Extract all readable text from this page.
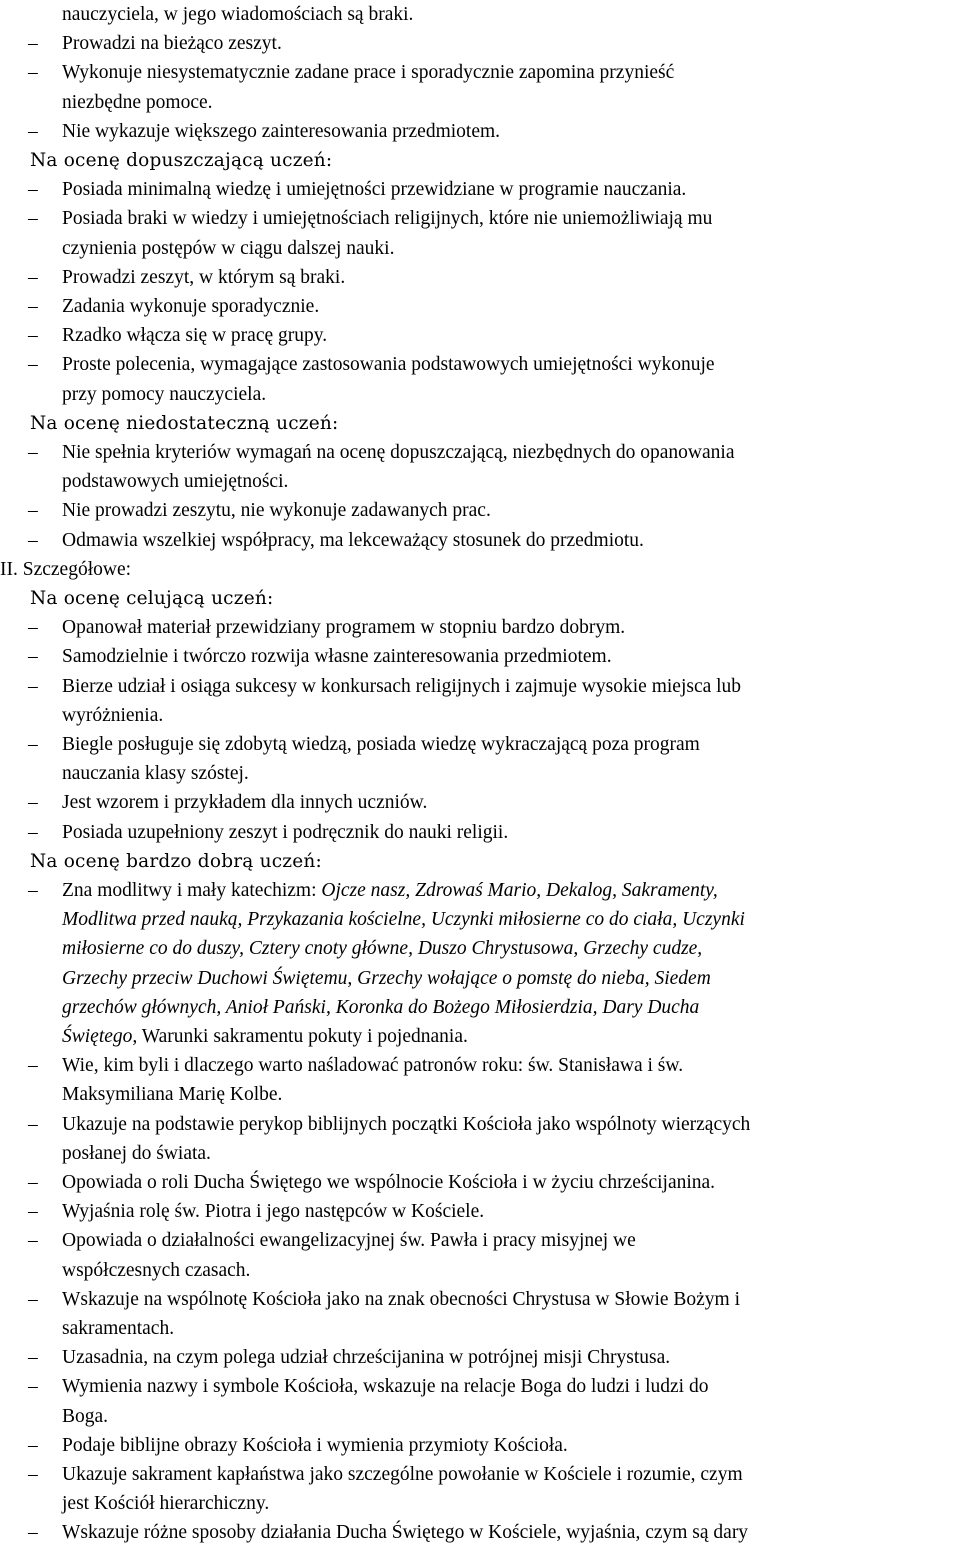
nauczyciela, w jego wiadomościach są braki.
– Prowadzi na bieżąco zeszyt.
– Wykonuje niesystematycznie zadane prace i sporadycznie zapomina przynieść
niezbędne pomoce.
– Nie wykazuje większego zainteresowania przedmiotem.
Na ocenę dopuszczającą uczeń:
– Posiada minimalną wiedzę i umiejętności przewidziane w programie nauczania.
– Posiada braki w wiedzy i umiejętnościach religijnych, które nie uniemożliwiają mu
czynienia postępów w ciągu dalszej nauki.
– Prowadzi zeszyt, w którym są braki.
– Zadania wykonuje sporadycznie.
– Rzadko włącza się w pracę grupy.
– Proste polecenia, wymagające zastosowania podstawowych umiejętności wykonuje
przy pomocy nauczyciela.
Na ocenę niedostateczną uczeń:
– Nie spełnia kryteriów wymagań na ocenę dopuszczającą, niezbędnych do opanowania
podstawowych umiejętności.
– Nie prowadzi zeszytu, nie wykonuje zadawanych prac.
– Odmawia wszelkiej współpracy, ma lekceważący stosunek do przedmiotu.
II. Szczegółowe:
Na ocenę celującą uczeń:
– Opanował materiał przewidziany programem w stopniu bardzo dobrym.
– Samodzielnie i twórczo rozwija własne zainteresowania przedmiotem.
– Bierze udział i osiąga sukcesy w konkursach religijnych i zajmuje wysokie miejsca lub
wyróżnienia.
– Biegle posługuje się zdobytą wiedzą, posiada wiedzę wykraczającą poza program
nauczania klasy szóstej.
– Jest wzorem i przykładem dla innych uczniów.
– Posiada uzupełniony zeszyt i podręcznik do nauki religii.
Na ocenę bardzo dobrą uczeń:
– Zna modlitwy i mały katechizm: Ojcze nasz, Zdrowaś Mario, Dekalog, Sakramenty,
Modlitwa przed nauką, Przykazania kościelne, Uczynki miłosierne co do ciała, Uczynki
miłosierne co do duszy, Cztery cnoty główne, Duszo Chrystusowa, Grzechy cudze,
Grzechy przeciw Duchowi Świętemu, Grzechy wołające o pomstę do nieba, Siedem
grzechów głównych, Anioł Pański, Koronka do Bożego Miłosierdzia, Dary Ducha
Świętego, Warunki sakramentu pokuty i pojednania.
– Wie, kim byli i dlaczego warto naśladować patronów roku: św. Stanisława i św.
Maksymiliana Marię Kolbe.
– Ukazuje na podstawie perykop biblijnych początki Kościoła jako wspólnoty wierzących
posłanej do świata.
– Opowiada o roli Ducha Świętego we wspólnocie Kościoła i w życiu chrześcijanina.
– Wyjaśnia rolę św. Piotra i jego następców w Kościele.
– Opowiada o działalności ewangelizacyjnej św. Pawła i pracy misyjnej we
współczesnych czasach.
– Wskazuje na wspólnotę Kościoła jako na znak obecności Chrystusa w Słowie Bożym i
sakramentach.
– Uzasadnia, na czym polega udział chrześcijanina w potrójnej misji Chrystusa.
– Wymienia nazwy i symbole Kościoła, wskazuje na relacje Boga do ludzi i ludzi do
Boga.
– Podaje biblijne obrazy Kościoła i wymienia przymioty Kościoła.
– Ukazuje sakrament kapłaństwa jako szczególne powołanie w Kościele i rozumie, czym
jest Kościół hierarchiczny.
– Wskazuje różne sposoby działania Ducha Świętego w Kościele, wyjaśnia, czym są dary
